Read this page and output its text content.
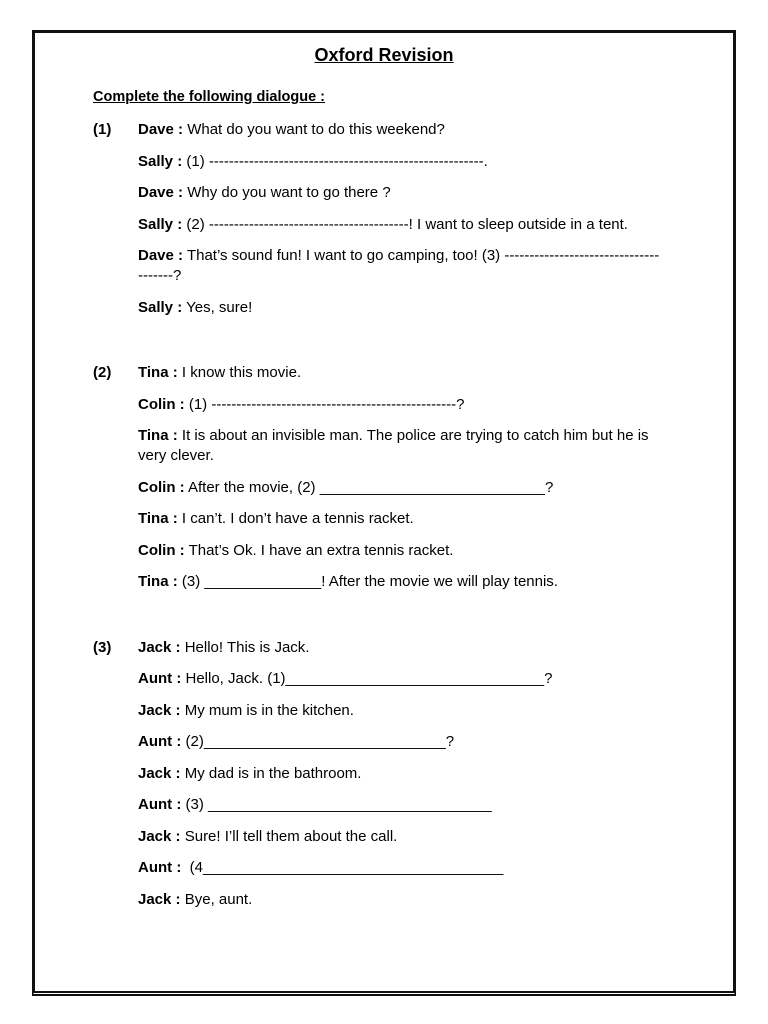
Oxford Revision
Complete the following dialogue :
(1)	Dave : What do you want to do this weekend?

Sally : (1) -------------------------------------------------------.

Dave : Why do you want to go there ?

Sally : (2) ----------------------------------------! I want to sleep outside in a tent.

Dave : That’s sound fun! I want to go camping, too! (3) -------------------------------
-------?

Sally : Yes, sure!

(2)	Tina : I know this movie.

Colin : (1) -------------------------------------------------?

Tina : It is about an invisible man. The police are trying to catch him but he is very clever.

Colin : After the movie, (2) ___________________________?

Tina : I can’t. I don’t have a tennis racket.

Colin : That’s Ok. I have an extra tennis racket.

Tina : (3) ______________! After the movie we will play tennis.

(3)	Jack : Hello! This is Jack.

Aunt : Hello, Jack. (1)_______________________________?

Jack : My mum is in the kitchen.

Aunt : (2)_____________________________?

Jack : My dad is in the bathroom.

Aunt : (3) __________________________________

Jack : Sure! I’ll tell them about the call.

Aunt :  (4____________________________________

Jack : Bye, aunt.
